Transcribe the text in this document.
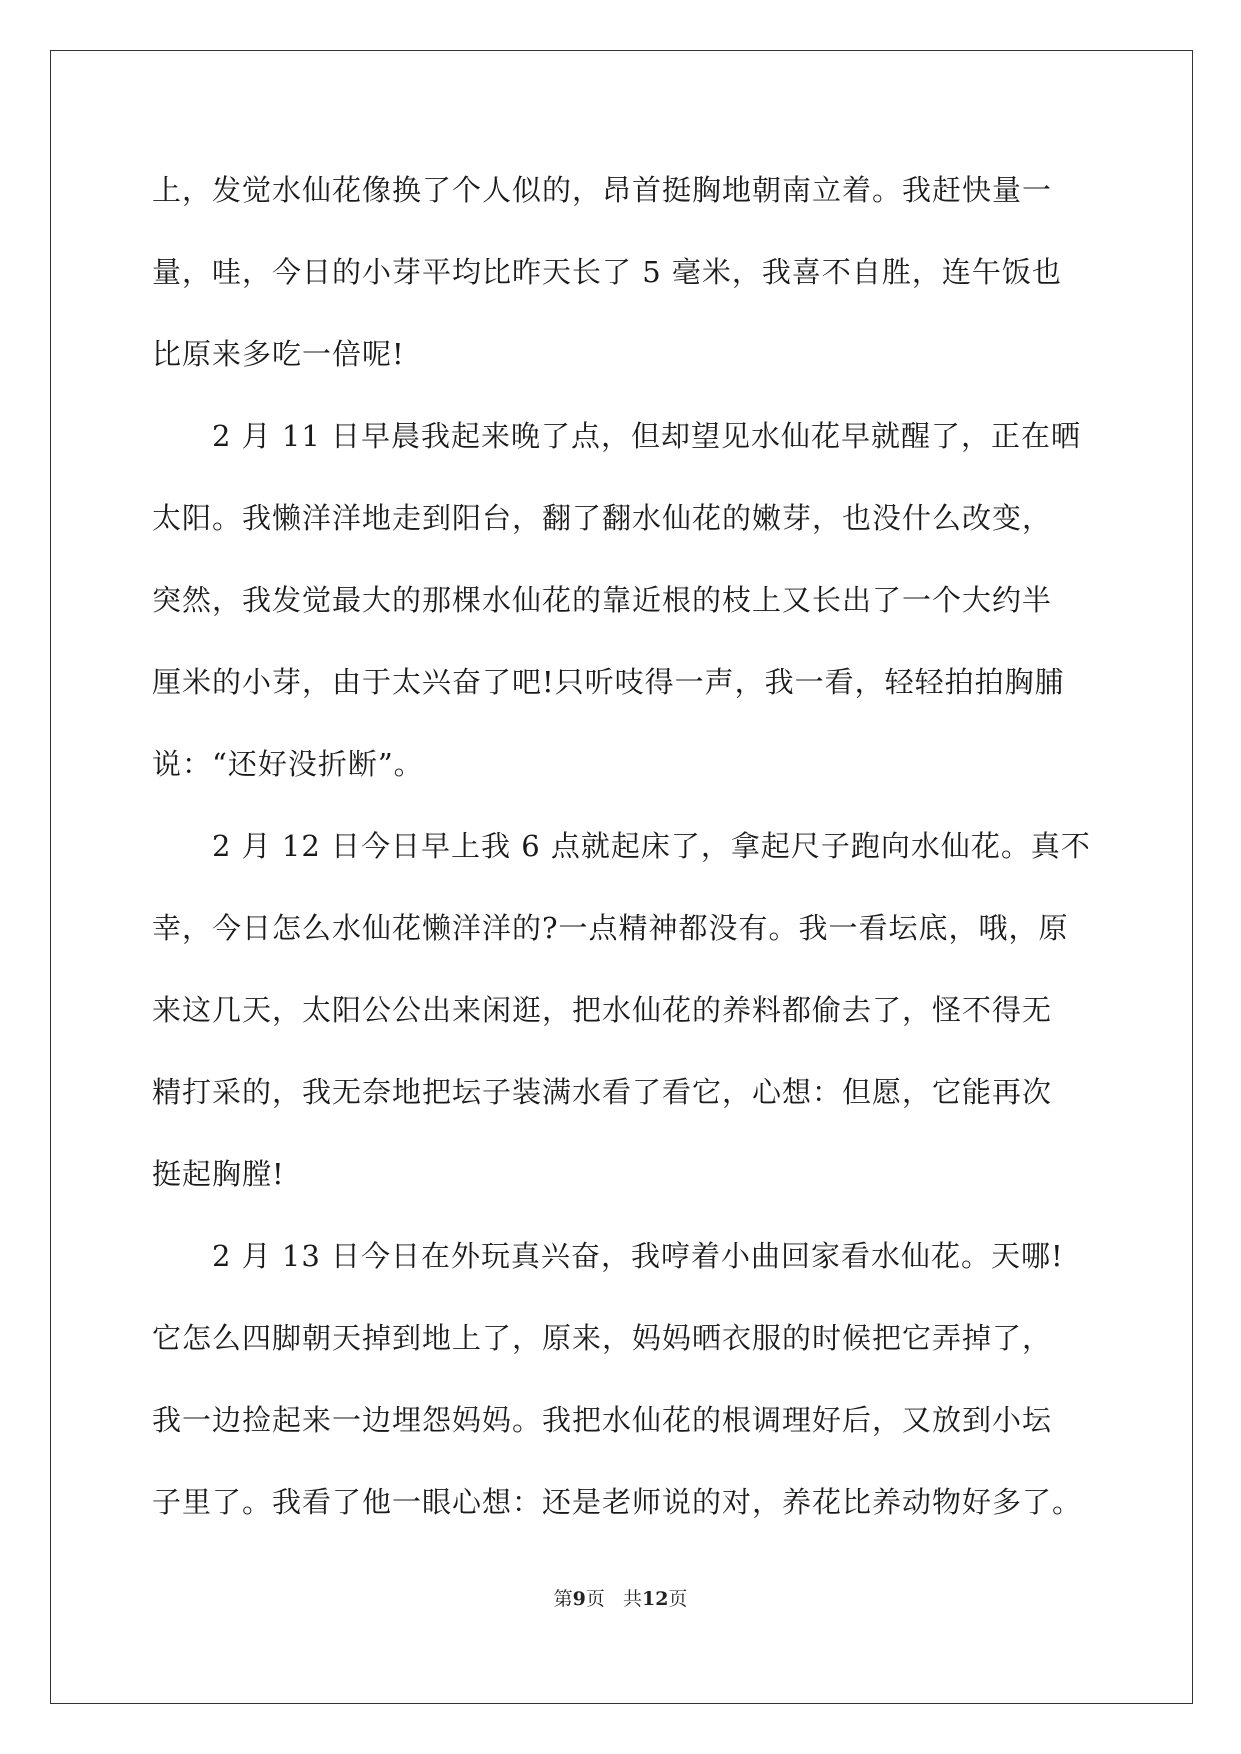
上，发觉水仙花像换了个人似的，昂首挺胸地朝南立着。我赶快量一
量，哇，今日的小芽平均比昨天长了 5 毫米，我喜不自胜，连午饭也
比原来多吃一倍呢!
　　2 月 11 日早晨我起来晚了点，但却望见水仙花早就醒了，正在晒
太阳。我懒洋洋地走到阳台，翻了翻水仙花的嫩芽，也没什么改变，
突然，我发觉最大的那棵水仙花的靠近根的枝上又长出了一个大约半
厘米的小芽，由于太兴奋了吧!只听吱得一声，我一看，轻轻拍拍胸脯
说：“还好没折断”。
　　2 月 12 日今日早上我 6 点就起床了，拿起尺子跑向水仙花。真不
幸，今日怎么水仙花懒洋洋的?一点精神都没有。我一看坛底，哦，原
来这几天，太阳公公出来闲逛，把水仙花的养料都偷去了，怪不得无
精打采的，我无奈地把坛子装满水看了看它，心想：但愿，它能再次
挺起胸膛!
　　2 月 13 日今日在外玩真兴奋，我哼着小曲回家看水仙花。天哪!
它怎么四脚朝天掉到地上了，原来，妈妈晒衣服的时候把它弄掉了，
我一边捡起来一边埋怨妈妈。我把水仙花的根调理好后，又放到小坛
子里了。我看了他一眼心想：还是老师说的对，养花比养动物好多了。
第9页 共12页
